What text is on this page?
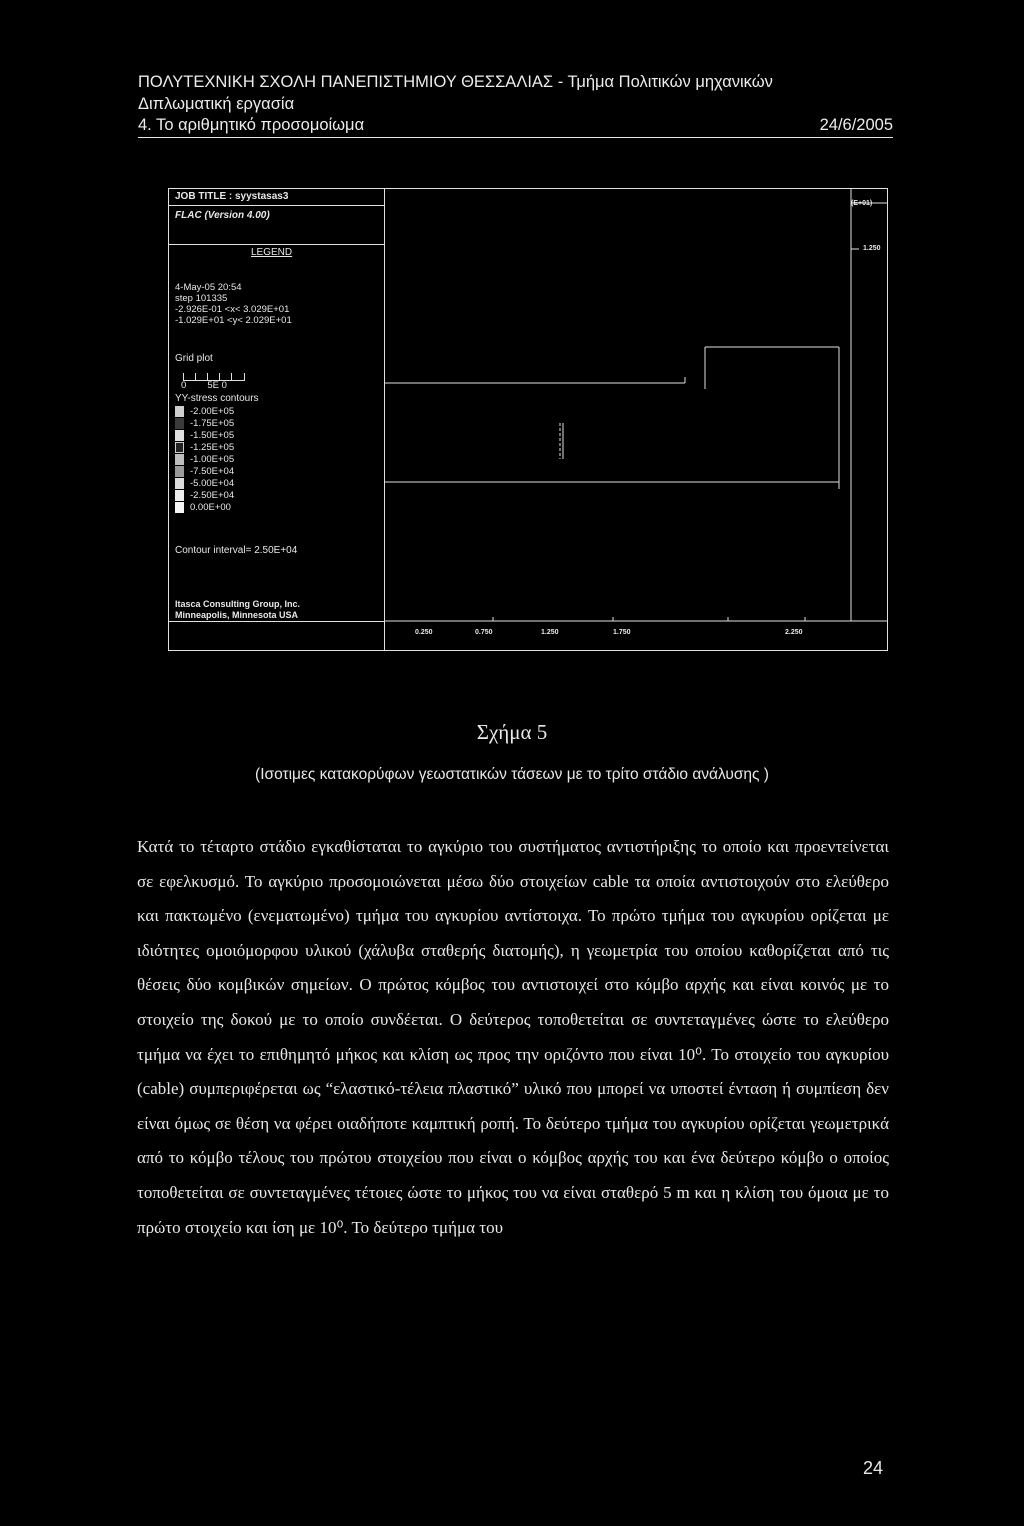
ΠΟΛΥΤΕΧΝΙΚΗ ΣΧΟΛΗ ΠΑΝΕΠΙΣΤΗΜΙΟΥ ΘΕΣΣΑΛΙΑΣ - Τμήμα Πολιτικών μηχανικών
Διπλωματική εργασία
4. Το αριθμητικό προσομοίωμα	24/6/2005
JOB TITLE : syystasas3
FLAC (Version 4.00)
LEGEND
4-May-05 20:54
step 101335
-2.926E-01 <x< 3.029E+01
-1.029E+01 <y< 2.029E+01
Grid plot
0        5E 0
YY-stress contours
-2.00E+05
-1.75E+05
-1.50E+05
-1.25E+05
-1.00E+05
-7.50E+04
-5.00E+04
-2.50E+04
0.00E+00
Contour interval= 2.50E+04
Itasca Consulting Group, Inc.
Minneapolis, Minnesota USA
(E+01)
1.250
0.250	0.750	1.250	1.750	2.250
Σχήμα 5
(Ισοτιμες κατακορύφων γεωστατικών τάσεων με το τρίτο στάδιο ανάλυσης )
Κατά το τέταρτο στάδιο εγκαθίσταται το αγκύριο του συστήματος αντιστήριξης το οποίο και προεντείνεται σε εφελκυσμό. Το αγκύριο προσομοιώνεται μέσω δύο στοιχείων cable τα οποία αντιστοιχούν στο ελεύθερο και πακτωμένο (ενεματωμένο) τμήμα του αγκυρίου αντίστοιχα. Το πρώτο τμήμα του αγκυρίου ορίζεται με ιδιότητες ομοιόμορφου υλικού (χάλυβα σταθερής διατομής), η γεωμετρία του οποίου καθορίζεται από τις θέσεις δύο κομβικών σημείων. Ο πρώτος κόμβος του αντιστοιχεί στο κόμβο αρχής και είναι κοινός με το στοιχείο της δοκού με το οποίο συνδέεται. Ο δεύτερος τοποθετείται σε συντεταγμένες ώστε το ελεύθερο τμήμα να έχει το επιθημητό μήκος και κλίση ως προς την οριζόντο που είναι 10⁰. Το στοιχείο του αγκυρίου (cable) συμπεριφέρεται ως “ελαστικό-τέλεια πλαστικό” υλικό που μπορεί να υποστεί ένταση ή συμπίεση δεν είναι όμως σε θέση να φέρει οιαδήποτε καμπτική ροπή. Το δεύτερο τμήμα του αγκυρίου ορίζεται γεωμετρικά από το κόμβο τέλους του πρώτου στοιχείου που είναι ο κόμβος αρχής του και ένα δεύτερο κόμβο ο οποίος τοποθετείται σε συντεταγμένες τέτοιες ώστε το μήκος του να είναι σταθερό 5 m και η κλίση του όμοια με το πρώτο στοιχείο και ίση με 10⁰. Το δεύτερο τμήμα του
24
